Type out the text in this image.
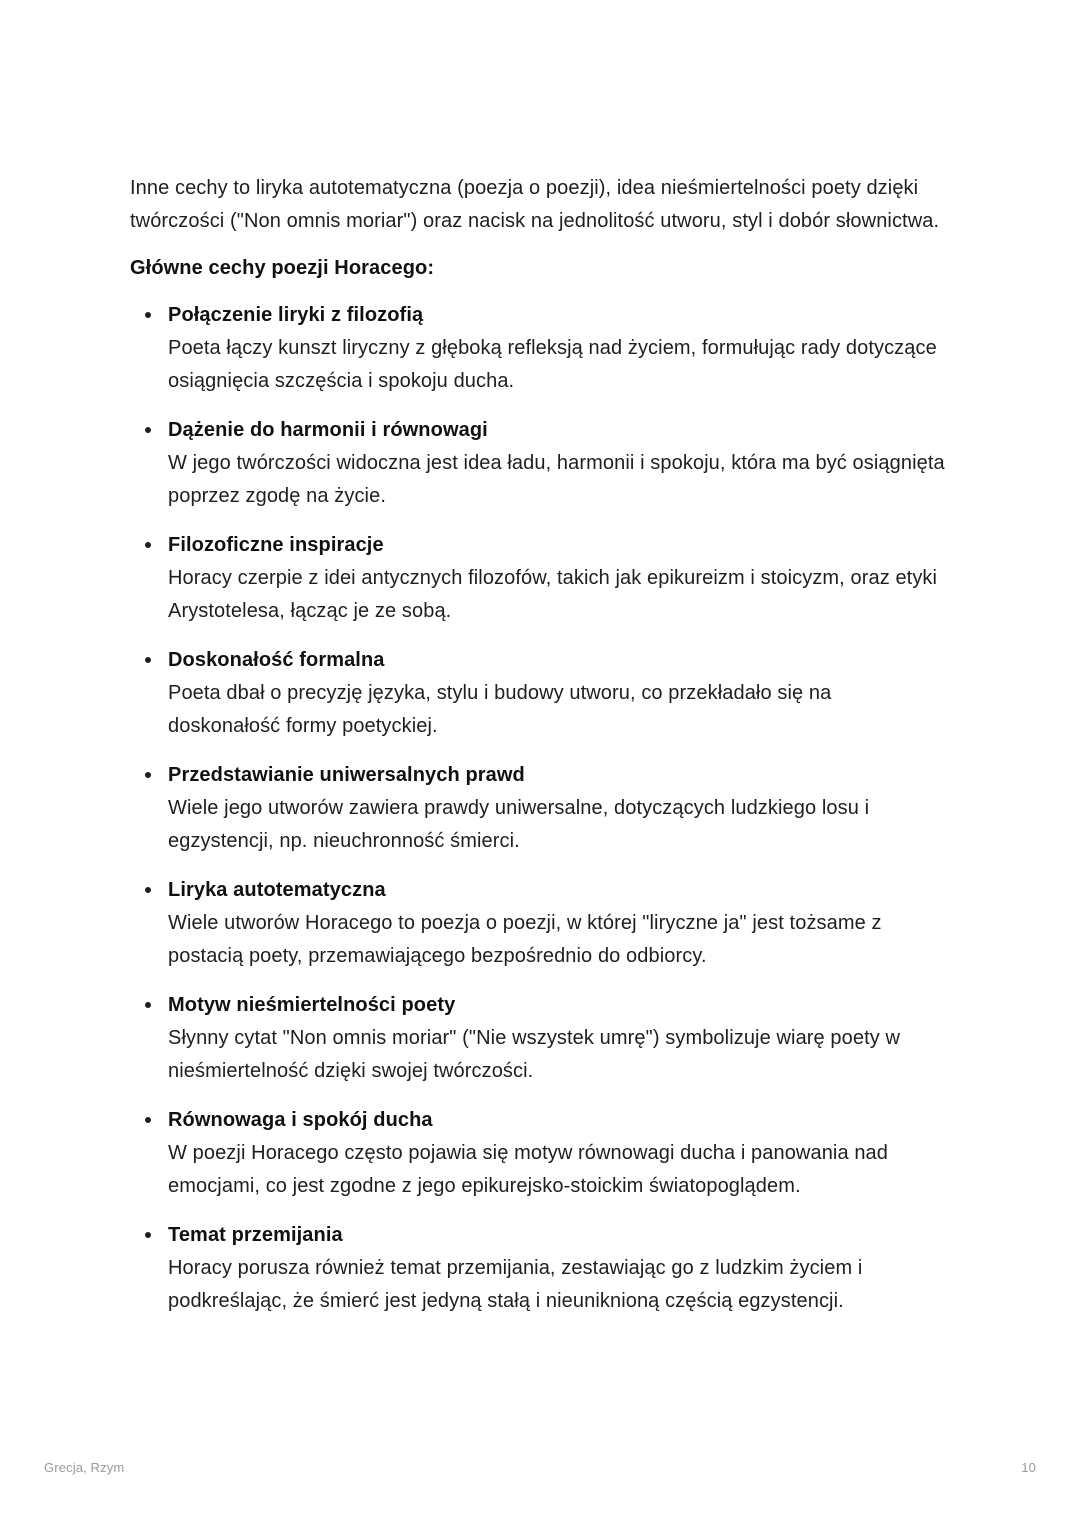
Inne cechy to liryka autotematyczna (poezja o poezji), idea nieśmiertelności poety dzięki twórczości ("Non omnis moriar") oraz nacisk na jednolitość utworu, styl i dobór słownictwa.

Główne cechy poezji Horacego:

Połączenie liryki z filozofią
Poeta łączy kunszt liryczny z głęboką refleksją nad życiem, formułując rady dotyczące osiągnięcia szczęścia i spokoju ducha.
Dążenie do harmonii i równowagi
W jego twórczości widoczna jest idea ładu, harmonii i spokoju, która ma być osiągnięta poprzez zgodę na życie.
Filozoficzne inspiracje
Horacy czerpie z idei antycznych filozofów, takich jak epikureizm i stoicyzm, oraz etyki Arystotelesa, łącząc je ze sobą.
Doskonałość formalna
Poeta dbał o precyzję języka, stylu i budowy utworu, co przekładało się na doskonałość formy poetyckiej.
Przedstawianie uniwersalnych prawd
Wiele jego utworów zawiera prawdy uniwersalne, dotyczących ludzkiego losu i egzystencji, np. nieuchronność śmierci.
Liryka autotematyczna
Wiele utworów Horacego to poezja o poezji, w której "liryczne ja" jest tożsame z postacią poety, przemawiającego bezpośrednio do odbiorcy.
Motyw nieśmiertelności poety
Słynny cytat "Non omnis moriar" ("Nie wszystek umrę") symbolizuje wiarę poety w nieśmiertelność dzięki swojej twórczości.
Równowaga i spokój ducha
W poezji Horacego często pojawia się motyw równowagi ducha i panowania nad emocjami, co jest zgodne z jego epikurejsko-stoickim światopoglądem.
Temat przemijania
Horacy porusza również temat przemijania, zestawiając go z ludzkim życiem i podkreślając, że śmierć jest jedyną stałą i nieuniknioną częścią egzystencji.
Grecja, Rzym	10
